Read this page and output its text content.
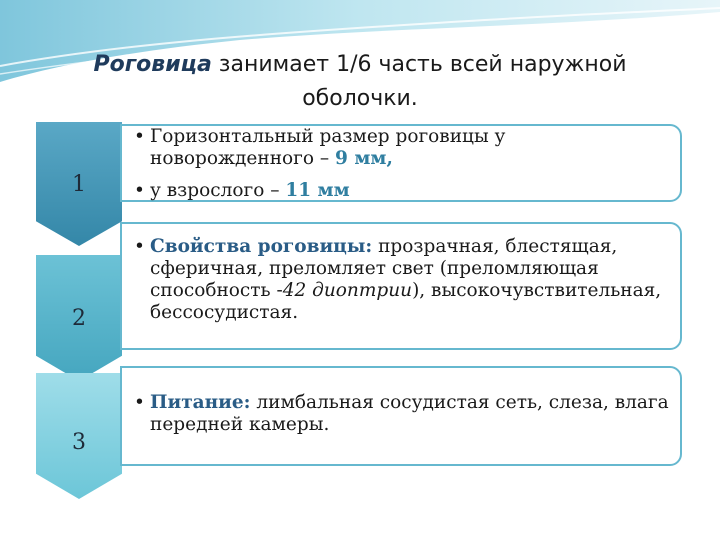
Роговица занимает 1/6 часть всей наружной
оболочки.
1
2
3

• Горизонтальный размер роговицы у новорожденного – 9 мм,

• у взрослого – 11 мм

• Свойства роговицы: прозрачная, блестящая, сферичная, преломляет свет (преломляющая способность -42 диоптрии), высокочувствительная, бессосудистая.

• Питание: лимбальная сосудистая сеть, слеза, влага передней камеры.
